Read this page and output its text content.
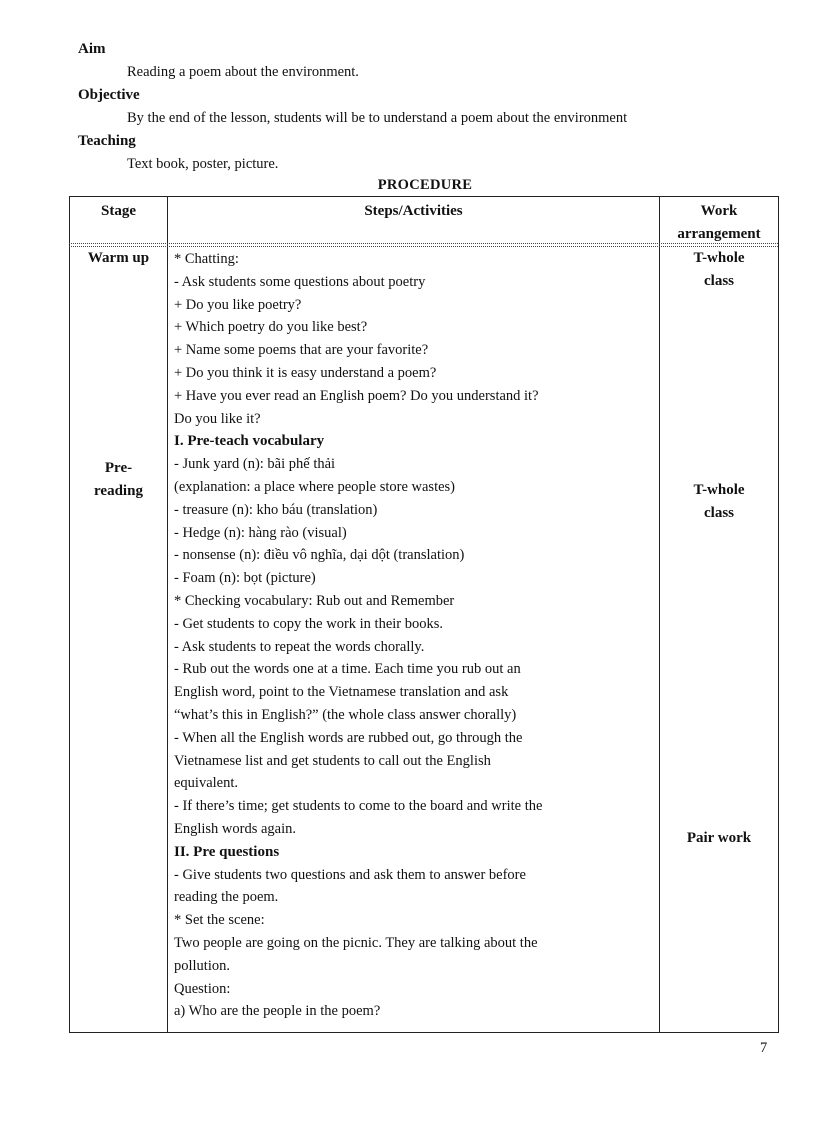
Aim
Reading a poem about the environment.
Objective
By the end of the lesson, students will be to understand a poem about the environment
Teaching
Text book, poster, picture.
PROCEDURE
Stage	Steps/Activities	Work
arrangement
Warm up
Pre-
reading
T-whole
class
T-whole
class
Pair work
* Chatting:
- Ask students some questions about poetry
+ Do you like poetry?
+ Which poetry do you like best?
+ Name some poems that are your favorite?
+ Do you think it is easy understand a poem?
+ Have you ever read an English poem? Do you understand it?
Do you like it?
I. Pre-teach vocabulary
- Junk yard (n): bãi phế thải
(explanation: a place where people store wastes)
- treasure (n): kho báu (translation)
- Hedge (n): hàng rào (visual)
- nonsense (n): điều vô nghĩa, dại dột (translation)
- Foam (n): bọt (picture)
* Checking vocabulary: Rub out and Remember
- Get students to copy the work in their books.
- Ask students to repeat the words chorally.
- Rub out the words one at a time. Each time you rub out an
English word, point to the Vietnamese translation and ask
“what’s this in English?” (the whole class answer chorally)
- When all the English words are rubbed out, go through the
Vietnamese list and get students to call out the English
equivalent.
- If there’s time; get students to come to the board and write the
English words again.
II. Pre questions
- Give students two questions and ask them to answer before
reading the poem.
* Set the scene:
Two people are going on the picnic. They are talking about the
pollution.
Question:
a) Who are the people in the poem?
7
